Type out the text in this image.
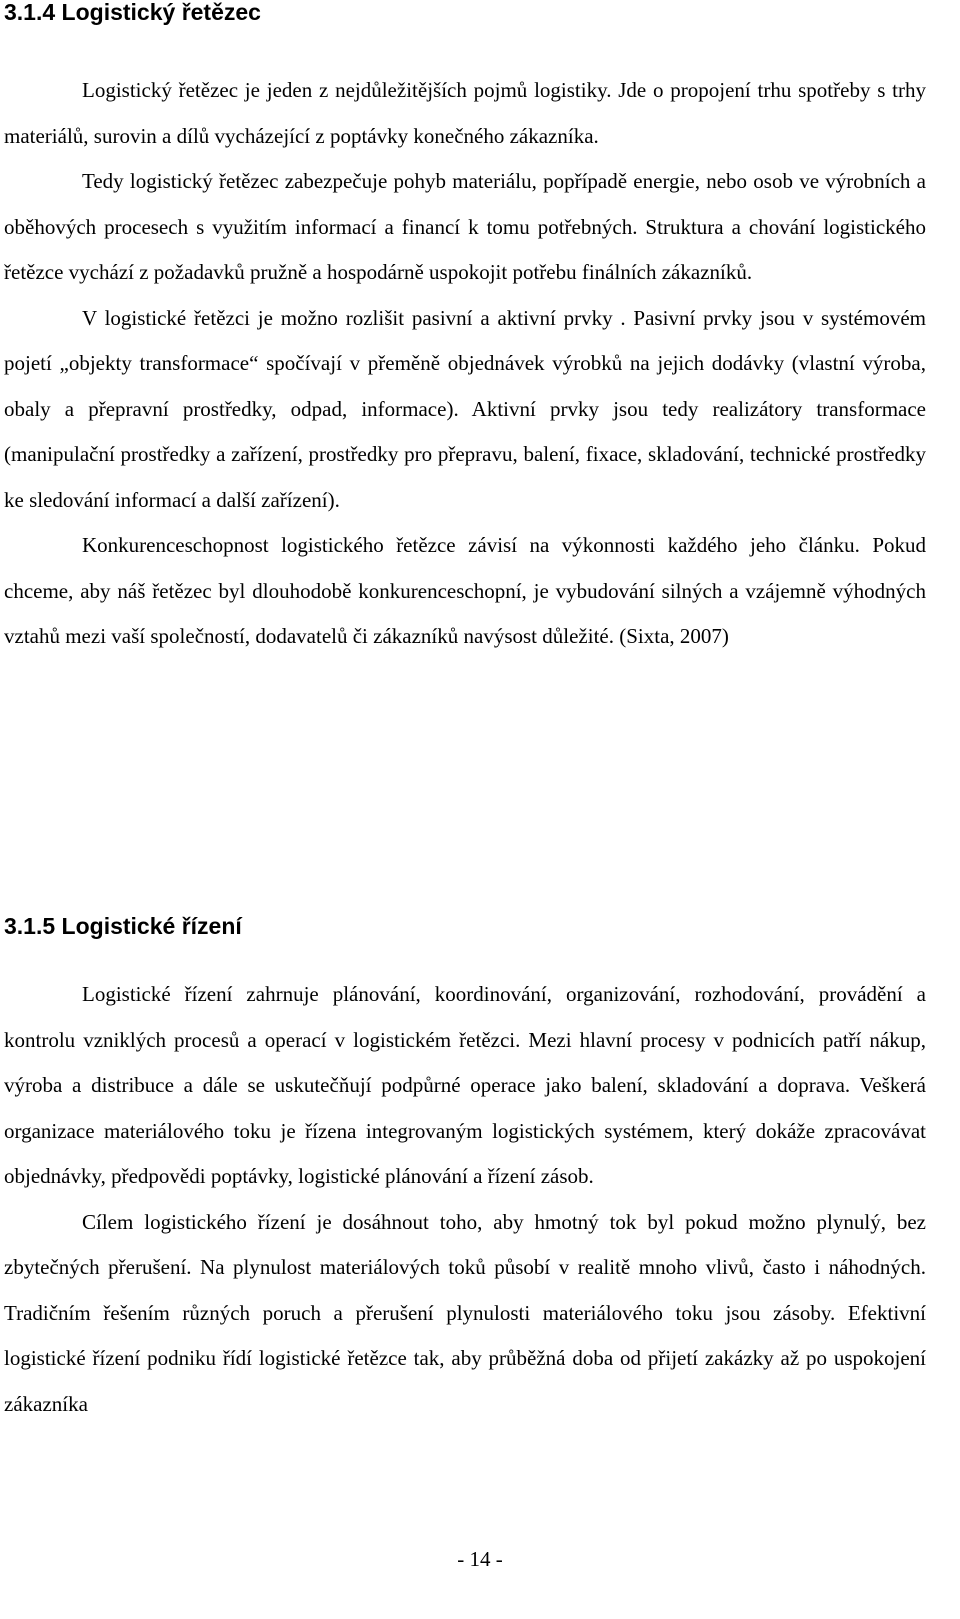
3.1.4 Logistický řetězec

Logistický řetězec je jeden z nejdůležitějších pojmů logistiky. Jde o propojení trhu spotřeby s trhy materiálů, surovin a dílů vycházející z poptávky konečného zákazníka.

Tedy logistický řetězec zabezpečuje pohyb materiálu, popřípadě energie, nebo osob ve výrobních a oběhových procesech s využitím informací a financí k tomu potřebných. Struktura a chování logistického řetězce vychází z požadavků pružně a hospodárně uspokojit potřebu finálních zákazníků.

V logistické řetězci je možno rozlišit pasivní a aktivní prvky . Pasivní prvky jsou v systémovém pojetí „objekty transformace“ spočívají v přeměně objednávek výrobků na jejich dodávky (vlastní výroba, obaly a přepravní prostředky, odpad, informace). Aktivní prvky jsou tedy realizátory transformace (manipulační prostředky a zařízení, prostředky pro přepravu, balení, fixace, skladování, technické prostředky ke sledování informací a další zařízení).

Konkurenceschopnost logistického řetězce závisí na výkonnosti každého jeho článku. Pokud chceme, aby náš řetězec byl dlouhodobě konkurenceschopní, je vybudování silných a vzájemně výhodných vztahů mezi vaší společností, dodavatelů či zákazníků navýsost důležité. (Sixta, 2007)

3.1.5 Logistické řízení

Logistické řízení zahrnuje plánování, koordinování, organizování, rozhodování, provádění a kontrolu vzniklých procesů a operací v logistickém řetězci. Mezi hlavní procesy v podnicích patří nákup, výroba a distribuce a dále se uskutečňují podpůrné operace jako balení, skladování a doprava. Veškerá organizace materiálového toku je řízena integrovaným logistických systémem, který dokáže zpracovávat objednávky, předpovědi poptávky, logistické plánování a řízení zásob.

Cílem logistického řízení je dosáhnout toho, aby hmotný tok byl pokud možno plynulý, bez zbytečných přerušení. Na plynulost materiálových toků působí v realitě mnoho vlivů, často i náhodných. Tradičním řešením různých poruch a přerušení plynulosti materiálového toku jsou zásoby. Efektivní logistické řízení podniku řídí logistické řetězce tak, aby průběžná doba od přijetí zakázky až po uspokojení zákazníka

- 14 -
